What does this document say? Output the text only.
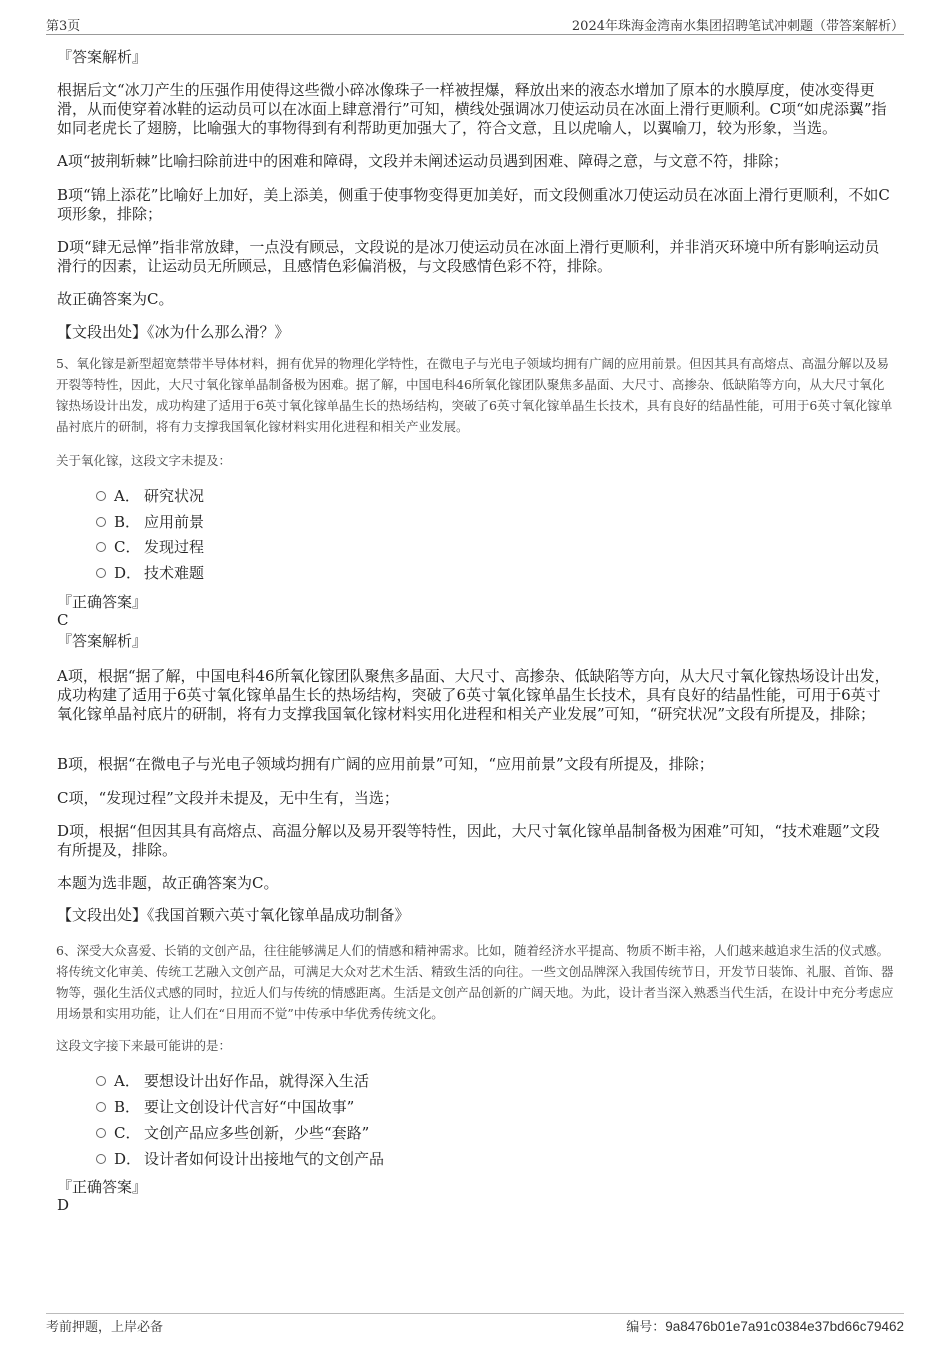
第3页	2024年珠海金湾南水集团招聘笔试冲刺题（带答案解析）
『答案解析』

根据后文“冰刀产生的压强作用使得这些微小碎冰像珠子一样被捏爆，释放出来的液态水增加了原本的水膜厚度，使冰变得更滑，从而使穿着冰鞋的运动员可以在冰面上肆意滑行”可知，横线处强调冰刀使运动员在冰面上滑行更顺利。C项“如虎添翼”指如同老虎长了翅膀，比喻强大的事物得到有利帮助更加强大了，符合文意，且以虎喻人，以翼喻刀，较为形象，当选。

A项“披荆斩棘”比喻扫除前进中的困难和障碍，文段并未阐述运动员遇到困难、障碍之意，与文意不符，排除；

B项“锦上添花”比喻好上加好，美上添美，侧重于使事物变得更加美好，而文段侧重冰刀使运动员在冰面上滑行更顺利，不如C项形象，排除；

D项“肆无忌惮”指非常放肆，一点没有顾忌，文段说的是冰刀使运动员在冰面上滑行更顺利，并非消灭环境中所有影响运动员滑行的因素，让运动员无所顾忌，且感情色彩偏消极，与文段感情色彩不符，排除。

故正确答案为C。

【文段出处】《冰为什么那么滑？》

5、氧化镓是新型超宽禁带半导体材料，拥有优异的物理化学特性，在微电子与光电子领域均拥有广阔的应用前景。但因其具有高熔点、高温分解以及易开裂等特性，因此，大尺寸氧化镓单晶制备极为困难。据了解，中国电科46所氧化镓团队聚焦多晶面、大尺寸、高掺杂、低缺陷等方向，从大尺寸氧化镓热场设计出发，成功构建了适用于6英寸氧化镓单晶生长的热场结构，突破了6英寸氧化镓单晶生长技术，具有良好的结晶性能，可用于6英寸氧化镓单晶衬底片的研制，将有力支撑我国氧化镓材料实用化进程和相关产业发展。

关于氧化镓，这段文字未提及：

A． 研究状况
B． 应用前景
C． 发现过程
D． 技术难题
『正确答案』
C
『答案解析』

A项，根据“据了解，中国电科46所氧化镓团队聚焦多晶面、大尺寸、高掺杂、低缺陷等方向，从大尺寸氧化镓热场设计出发，成功构建了适用于6英寸氧化镓单晶生长的热场结构，突破了6英寸氧化镓单晶生长技术，具有良好的结晶性能，可用于6英寸氧化镓单晶衬底片的研制，将有力支撑我国氧化镓材料实用化进程和相关产业发展”可知，“研究状况”文段有所提及，排除；

B项，根据“在微电子与光电子领域均拥有广阔的应用前景”可知，“应用前景”文段有所提及，排除；

C项，“发现过程”文段并未提及，无中生有，当选；

D项，根据“但因其具有高熔点、高温分解以及易开裂等特性，因此，大尺寸氧化镓单晶制备极为困难”可知，“技术难题”文段有所提及，排除。

本题为选非题，故正确答案为C。

【文段出处】《我国首颗六英寸氧化镓单晶成功制备》

6、深受大众喜爱、长销的文创产品，往往能够满足人们的情感和精神需求。比如，随着经济水平提高、物质不断丰裕，人们越来越追求生活的仪式感。将传统文化审美、传统工艺融入文创产品，可满足大众对艺术生活、精致生活的向往。一些文创品牌深入我国传统节日，开发节日装饰、礼服、首饰、器物等，强化生活仪式感的同时，拉近人们与传统的情感距离。生活是文创产品创新的广阔天地。为此，设计者当深入熟悉当代生活，在设计中充分考虑应用场景和实用功能，让人们在“日用而不觉”中传承中华优秀传统文化。

这段文字接下来最可能讲的是：

A． 要想设计出好作品，就得深入生活
B． 要让文创设计代言好“中国故事”
C． 文创产品应多些创新，少些“套路”
D． 设计者如何设计出接地气的文创产品
『正确答案』
D
考前押题，上岸必备	编号：9a8476b01e7a91c0384e37bd66c79462
